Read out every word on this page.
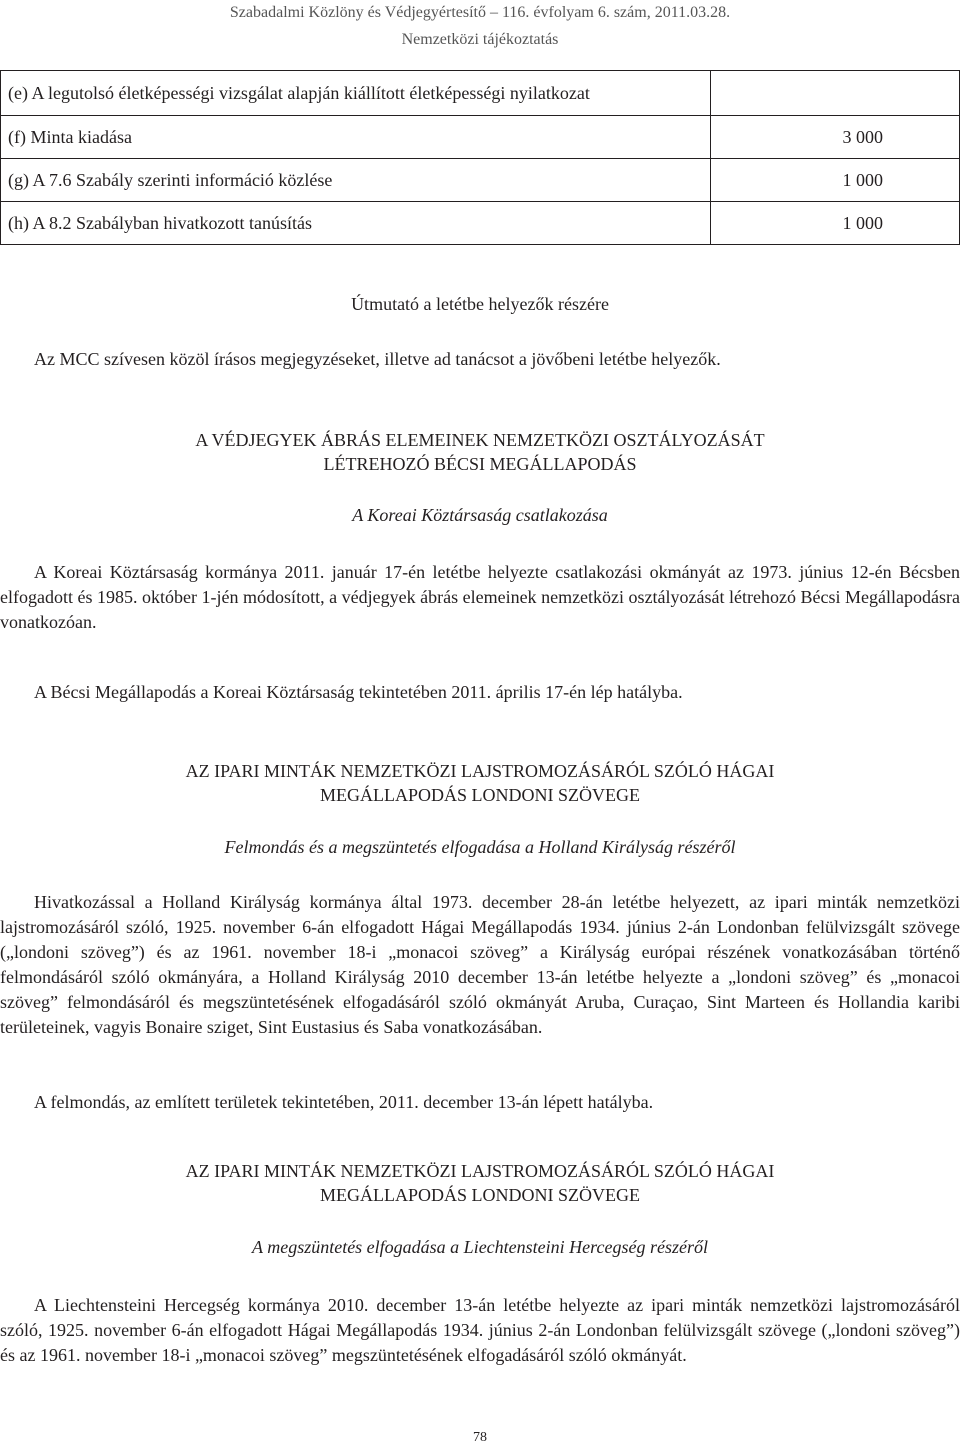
Szabadalmi Közlöny és Védjegyértesítő – 116. évfolyam 6. szám, 2011.03.28.
Nemzetközi tájékoztatás
(e) A legutolsó életképességi vizsgálat alapján kiállított életképességi nyilatkozat	
(f) Minta kiadása	3 000
(g) A 7.6 Szabály szerinti információ közlése	1 000
(h) A 8.2 Szabályban hivatkozott tanúsítás	1 000
Útmutató a letétbe helyezők részére
Az MCC szívesen közöl írásos megjegyzéseket, illetve ad tanácsot a jövőbeni letétbe helyezők.
A VÉDJEGYEK ÁBRÁS ELEMEINEK NEMZETKÖZI OSZTÁLYOZÁSÁT
LÉTREHOZÓ BÉCSI MEGÁLLAPODÁS
A Koreai Köztársaság csatlakozása

A Koreai Köztársaság kormánya 2011. január 17-én letétbe helyezte csatlakozási okmányát az 1973. június 12-én Bécsben elfogadott és 1985. október 1-jén módosított, a védjegyek ábrás elemeinek nemzetközi osztályozását létrehozó Bécsi Megállapodásra vonatkozóan.

A Bécsi Megállapodás a Koreai Köztársaság tekintetében 2011. április 17-én lép hatályba.
AZ IPARI MINTÁK NEMZETKÖZI LAJSTROMOZÁSÁRÓL SZÓLÓ HÁGAI
MEGÁLLAPODÁS LONDONI SZÖVEGE
Felmondás és a megszüntetés elfogadása a Holland Királyság részéről

Hivatkozással a Holland Királyság kormánya által 1973. december 28-án letétbe helyezett, az ipari minták nemzetközi lajstromozásáról szóló, 1925. november 6-án elfogadott Hágai Megállapodás 1934. június 2-án Londonban felülvizsgált szövege („londoni szöveg”) és az 1961. november 18-i „monacoi szöveg” a Királyság európai részének vonatkozásában történő felmondásáról szóló okmányára, a Holland Királyság 2010 december 13-án letétbe helyezte a „londoni szöveg” és „monacoi szöveg” felmondásáról és megszüntetésének elfogadásáról szóló okmányát Aruba, Curaçao, Sint Marteen és Hollandia karibi területeinek, vagyis Bonaire sziget, Sint Eustasius és Saba vonatkozásában.

A felmondás, az említett területek tekintetében, 2011. december 13-án lépett hatályba.
AZ IPARI MINTÁK NEMZETKÖZI LAJSTROMOZÁSÁRÓL SZÓLÓ HÁGAI
MEGÁLLAPODÁS LONDONI SZÖVEGE
A megszüntetés elfogadása a Liechtensteini Hercegség részéről

A Liechtensteini Hercegség kormánya 2010. december 13-án letétbe helyezte az ipari minták nemzetközi lajstromozásáról szóló, 1925. november 6-án elfogadott Hágai Megállapodás 1934. június 2-án Londonban felülvizsgált szövege („londoni szöveg”) és az 1961. november 18-i „monacoi szöveg” megszüntetésének elfogadásáról szóló okmányát.

78
